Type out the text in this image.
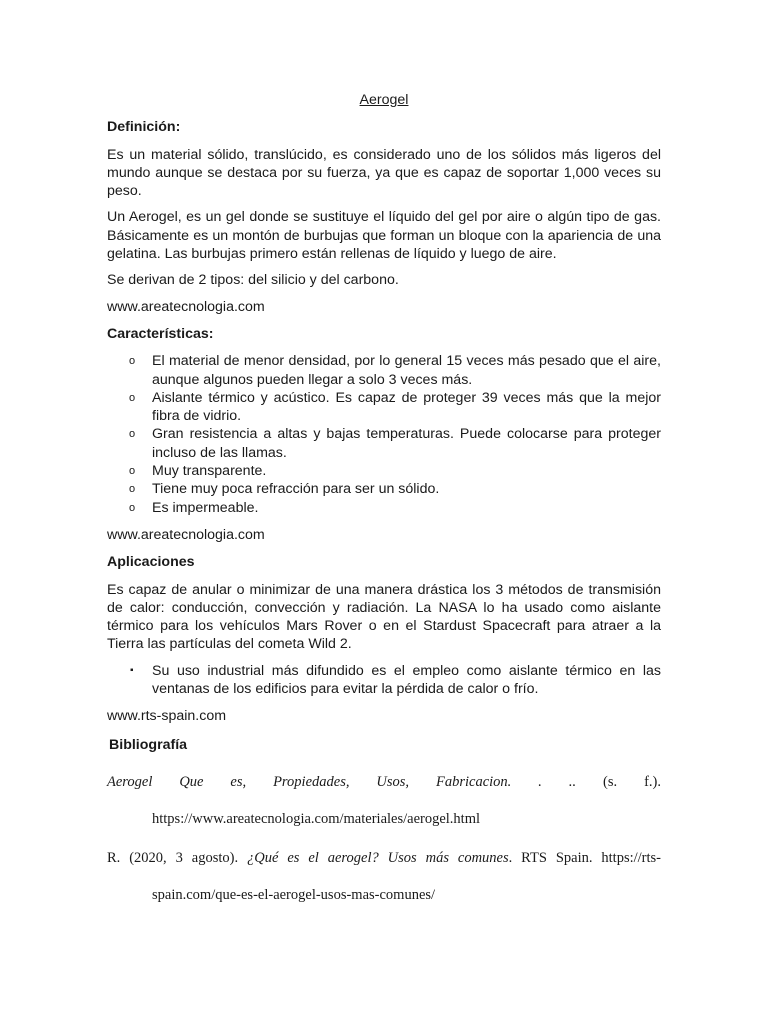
Aerogel
Definición:
Es un material sólido, translúcido, es considerado uno de los sólidos más ligeros del mundo aunque se destaca por su fuerza, ya que es capaz de soportar 1,000 veces su peso.
Un Aerogel, es un gel donde se sustituye el líquido del gel por aire o algún tipo de gas. Básicamente es un montón de burbujas que forman un bloque con la apariencia de una gelatina. Las burbujas primero están rellenas de líquido y luego de aire.
Se derivan de 2 tipos: del silicio y del carbono.
www.areatecnologia.com
Características:
o El material de menor densidad, por lo general 15 veces más pesado que el aire, aunque algunos pueden llegar a solo 3 veces más.
o Aislante térmico y acústico. Es capaz de proteger 39 veces más que la mejor fibra de vidrio.
o Gran resistencia a altas y bajas temperaturas. Puede colocarse para proteger incluso de las llamas.
o Muy transparente.
o Tiene muy poca refracción para ser un sólido.
o Es impermeable.
www.areatecnologia.com
Aplicaciones
Es capaz de anular o minimizar de una manera drástica los 3 métodos de transmisión de calor: conducción, convección y radiación. La NASA lo ha usado como aislante térmico para los vehículos Mars Rover o en el Stardust Spacecraft para atraer a la Tierra las partículas del cometa Wild 2.
▪ Su uso industrial más difundido es el empleo como aislante térmico en las ventanas de los edificios para evitar la pérdida de calor o frío.
www.rts-spain.com
Bibliografía
Aerogel Que es, Propiedades, Usos, Fabricacion. . .. (s. f.).
https://www.areatecnologia.com/materiales/aerogel.html
R. (2020, 3 agosto). ¿Qué es el aerogel? Usos más comunes. RTS Spain. https://rts-
spain.com/que-es-el-aerogel-usos-mas-comunes/
